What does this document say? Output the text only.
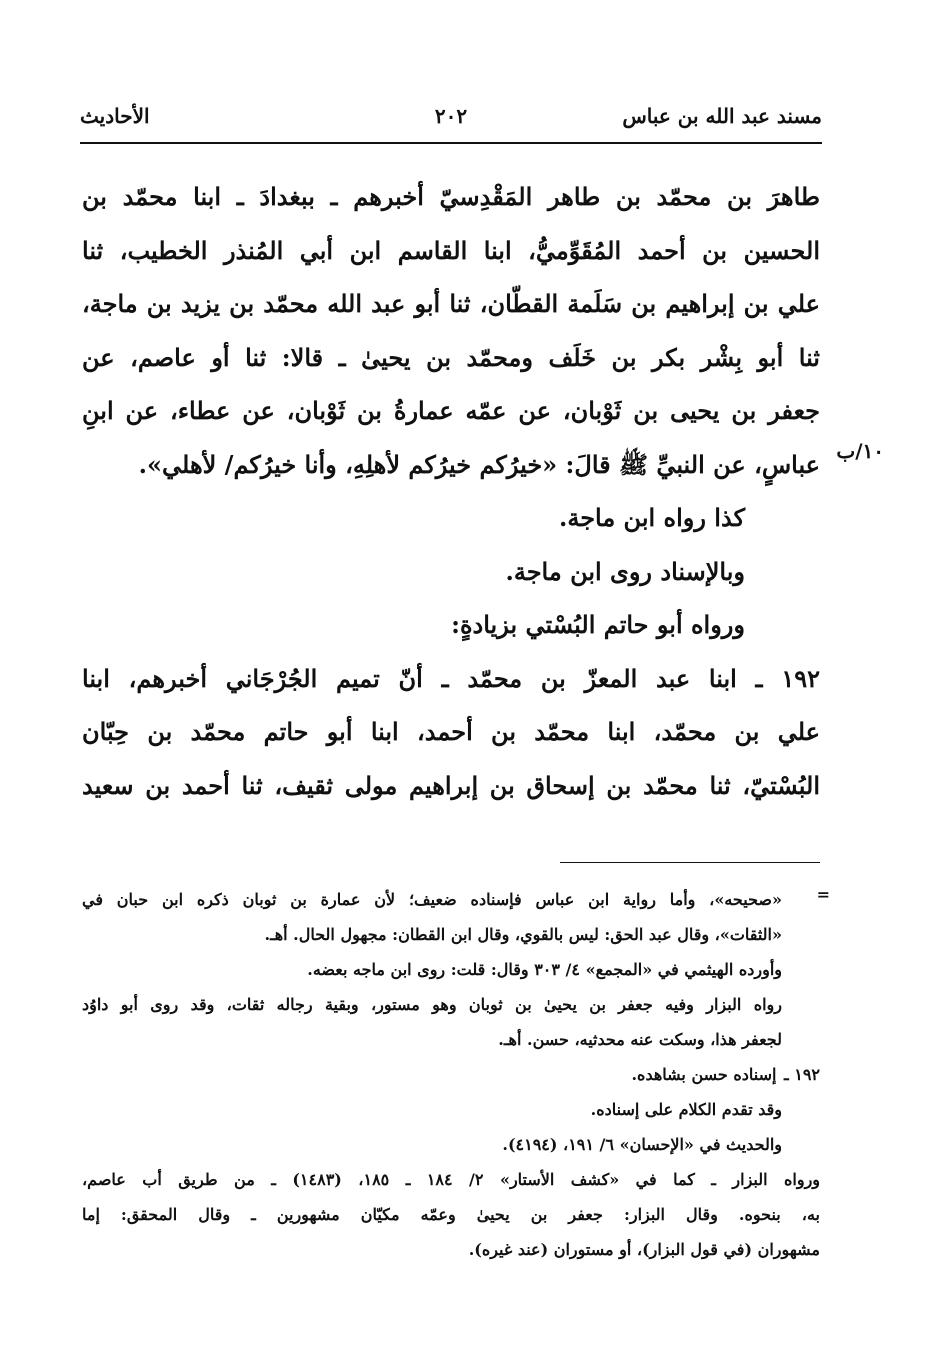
مسند عبد الله بن عباس
٢٠٢
الأحاديث
١٠/ب
طاهرَ بن محمّد بن طاهر المَقْدِسيّ أخبرهم ـ ببغدادَ ـ ابنا محمّد بن
الحسين بن أحمد المُقَوِّميُّ، ابنا القاسم ابن أبي المُنذر الخطيب، ثنا
علي بن إبراهيم بن سَلَمة القطّان، ثنا أبو عبد الله محمّد بن يزيد بن ماجة،
ثنا أبو بِشْر بكر بن خَلَف ومحمّد بن يحيىٰ ـ قالا: ثنا أو عاصم، عن
جعفر بن يحيى بن ثَوْبان، عن عمّه عمارةُ بن ثَوْبان، عن عطاء، عن ابنِ
عباسٍ، عن النبيِّ ﷺ قالَ: «خيرُكم خيرُكم لأهلِهِ، وأنا خيرُكم/ لأهلي».
كذا رواه ابن ماجة.
وبالإسناد روى ابن ماجة.
ورواه أبو حاتم البُسْتي بزيادةٍ:
١٩٢ ـ ابنا عبد المعزّ بن محمّد ـ أنّ تميم الجُرْجَاني أخبرهم، ابنا
علي بن محمّد، ابنا محمّد بن أحمد، ابنا أبو حاتم محمّد بن حِبّان
البُسْتيّ، ثنا محمّد بن إسحاق بن إبراهيم مولى ثقيف، ثنا أحمد بن سعيد
=
«صحيحه»، وأما رواية ابن عباس فإسناده ضعيف؛ لأن عمارة بن ثوبان ذكره ابن حبان في
«الثقات»، وقال عبد الحق: ليس بالقوي، وقال ابن القطان: مجهول الحال. أهـ.
وأورده الهيثمي في «المجمع» ٤/ ٣٠٣ وقال: قلت: روى ابن ماجه بعضه.
رواه البزار وفيه جعفر بن يحيىٰ بن ثوبان وهو مستور، وبقية رجاله ثقات، وقد روى أبو داوُد
لجعفر هذا، وسكت عنه محدثيه، حسن. أهـ.
١٩٢ ـ إسناده حسن بشاهده.
وقد تقدم الكلام على إسناده.
والحديث في «الإحسان» ٦/ ١٩١، (٤١٩٤).
ورواه البزار ـ كما في «كشف الأستار» ٢/ ١٨٤ ـ ١٨٥، (١٤٨٣) ـ من طريق أب عاصم،
به، بنحوه. وقال البزار: جعفر بن يحيىٰ وعمّه مكيّان مشهورين ـ وقال المحقق: إما
مشهوران (في قول البزار)، أو مستوران (عند غيره).
